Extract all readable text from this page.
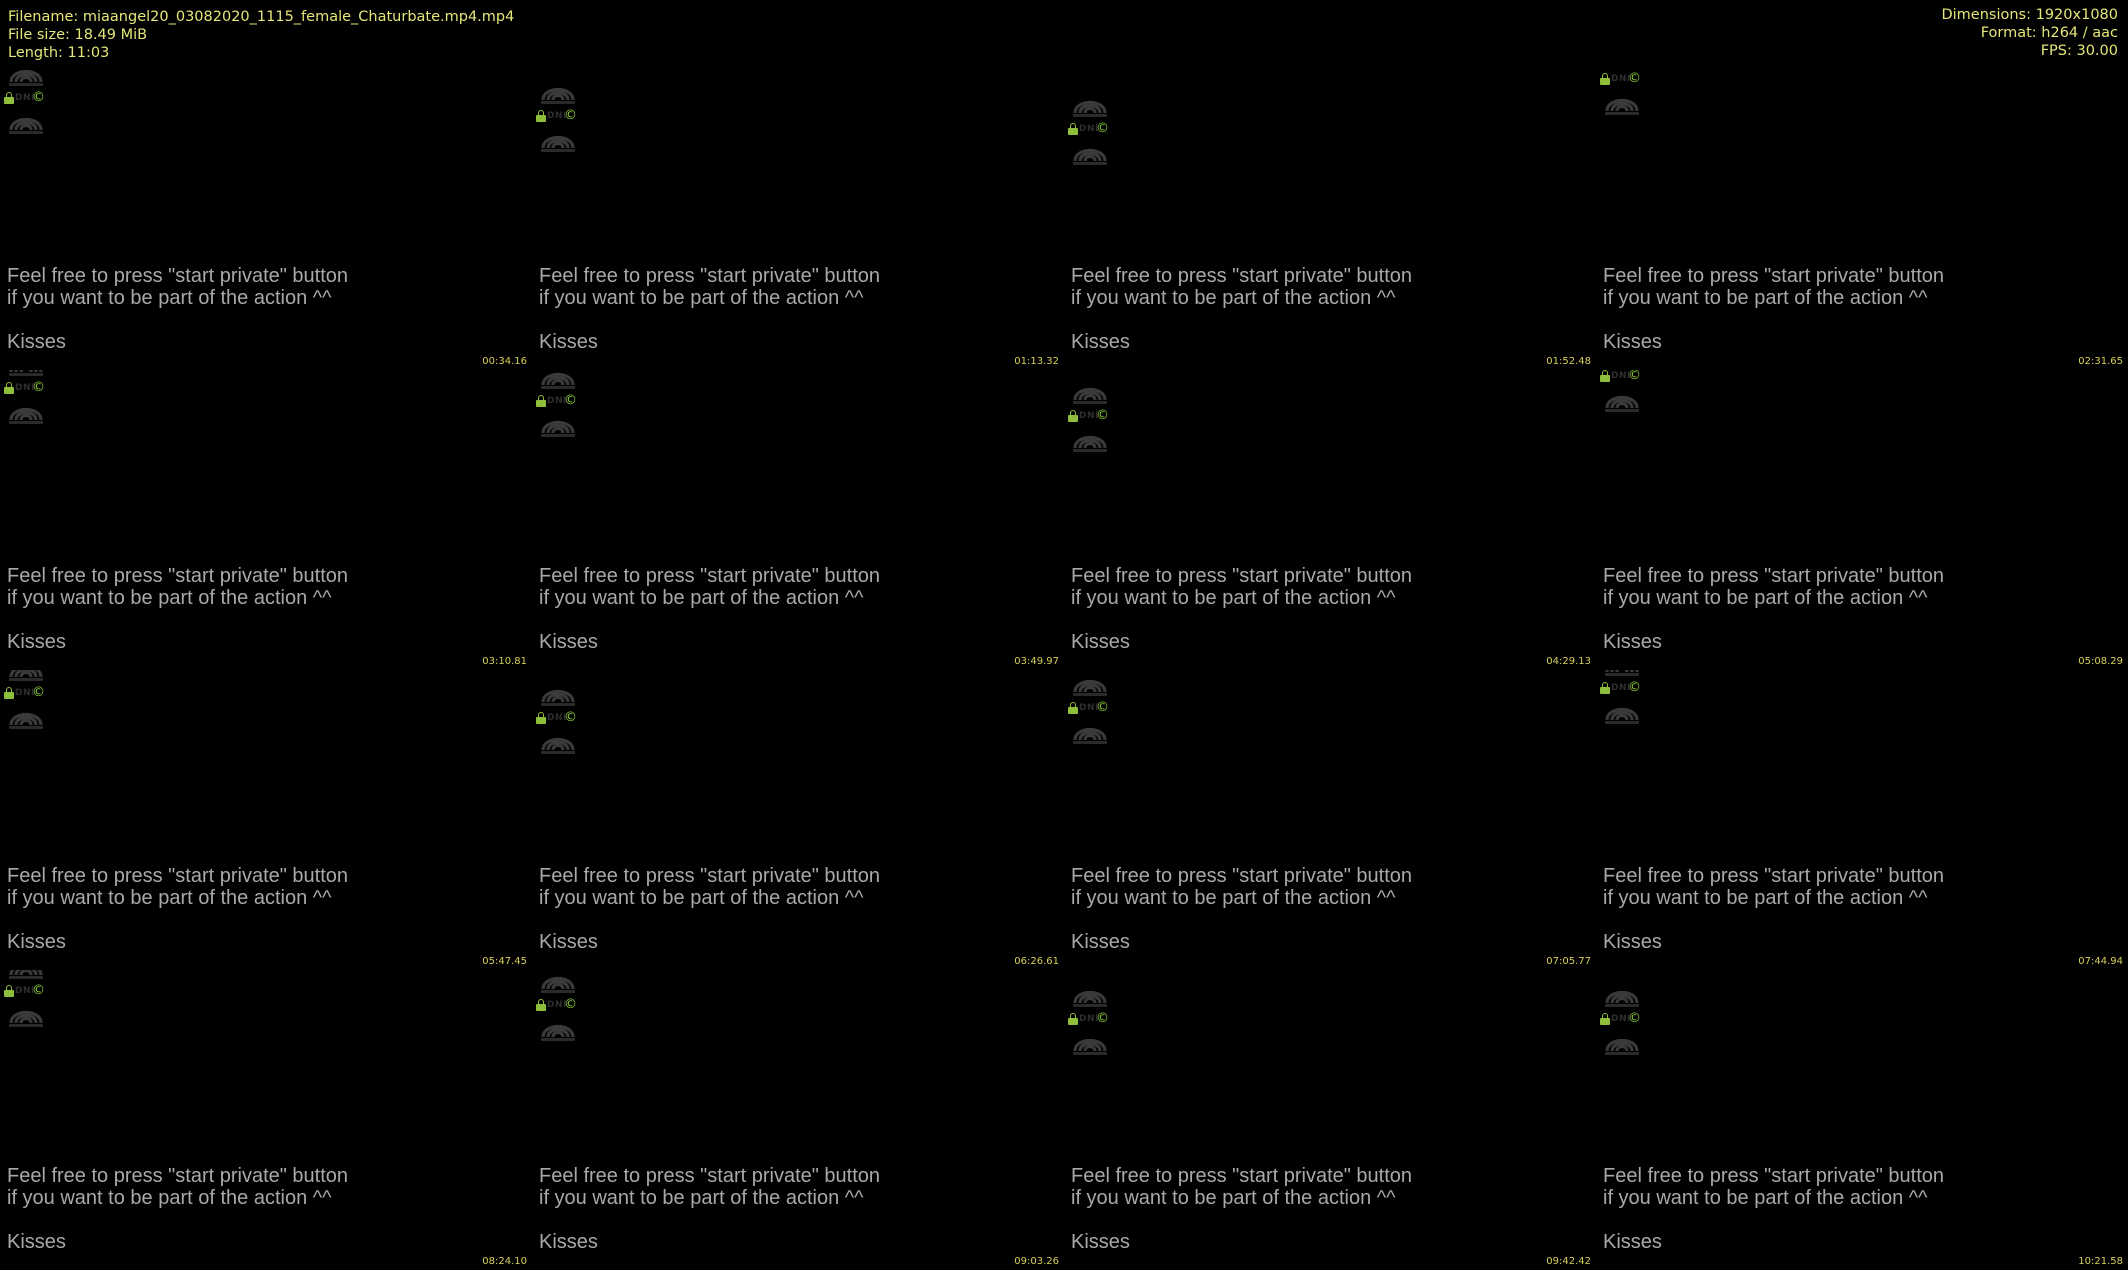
Filename: miaangel20_03082020_1115_female_Chaturbate.mp4.mp4
File size: 18.49 MiB
Length: 11:03
Dimensions: 1920x1080
Format: h264 / aac
FPS: 30.00
DNI
©
Feel free to press "start private" button
if you want to be part of the action ^^
Kisses
00:34.16
DNI
©
Feel free to press "start private" button
if you want to be part of the action ^^
Kisses
01:13.32
DNI
©
Feel free to press "start private" button
if you want to be part of the action ^^
Kisses
01:52.48
DNI
©
Feel free to press "start private" button
if you want to be part of the action ^^
Kisses
02:31.65
DNI
©
Feel free to press "start private" button
if you want to be part of the action ^^
Kisses
03:10.81
DNI
©
Feel free to press "start private" button
if you want to be part of the action ^^
Kisses
03:49.97
DNI
©
Feel free to press "start private" button
if you want to be part of the action ^^
Kisses
04:29.13
DNI
©
Feel free to press "start private" button
if you want to be part of the action ^^
Kisses
05:08.29
DNI
©
Feel free to press "start private" button
if you want to be part of the action ^^
Kisses
05:47.45
DNI
©
Feel free to press "start private" button
if you want to be part of the action ^^
Kisses
06:26.61
DNI
©
Feel free to press "start private" button
if you want to be part of the action ^^
Kisses
07:05.77
DNI
©
Feel free to press "start private" button
if you want to be part of the action ^^
Kisses
07:44.94
DNI
©
Feel free to press "start private" button
if you want to be part of the action ^^
Kisses
08:24.10
DNI
©
Feel free to press "start private" button
if you want to be part of the action ^^
Kisses
09:03.26
DNI
©
Feel free to press "start private" button
if you want to be part of the action ^^
Kisses
09:42.42
DNI
©
Feel free to press "start private" button
if you want to be part of the action ^^
Kisses
10:21.58
